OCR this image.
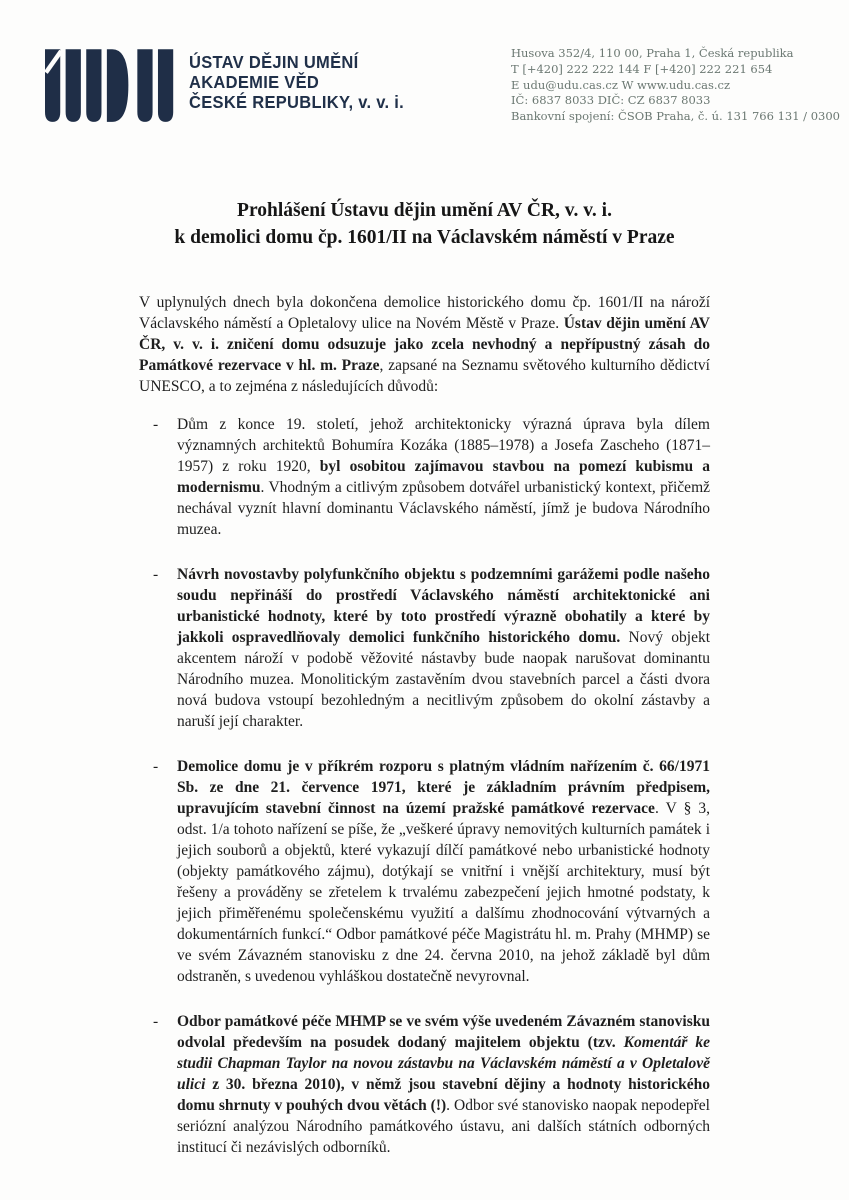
ÚSTAV DĚJIN UMĚNÍ
AKADEMIE VĚD
ČESKÉ REPUBLIKY, v. v. i.
Husova 352/4, 110 00, Praha 1, Česká republika
T [+420] 222 222 144 F [+420] 222 221 654
E udu@udu.cas.cz W www.udu.cas.cz
IČ: 6837 8033 DIČ: CZ 6837 8033
Bankovní spojení: ČSOB Praha, č. ú. 131 766 131 / 0300
Prohlášení Ústavu dějin umění AV ČR, v. v. i.
k demolici domu čp. 1601/II na Václavském náměstí v Praze

V uplynulých dnech byla dokončena demolice historického domu čp. 1601/II na nároží Václavského náměstí a Opletalovy ulice na Novém Městě v Praze. Ústav dějin umění AV ČR, v. v. i. zničení domu odsuzuje jako zcela nevhodný a nepřípustný zásah do Památkové rezervace v hl. m. Praze, zapsané na Seznamu světového kulturního dědictví UNESCO, a to zejména z následujících důvodů:

-	Dům z konce 19. století, jehož architektonicky výrazná úprava byla dílem významných architektů Bohumíra Kozáka (1885–1978) a Josefa Zascheho (1871–1957) z roku 1920, byl osobitou zajímavou stavbou na pomezí kubismu a modernismu. Vhodným a citlivým způsobem dotvářel urbanistický kontext, přičemž nechával vyznít hlavní dominantu Václavského náměstí, jímž je budova Národního muzea.

-	Návrh novostavby polyfunkčního objektu s podzemními garážemi podle našeho soudu nepřináší do prostředí Václavského náměstí architektonické ani urbanistické hodnoty, které by toto prostředí výrazně obohatily a které by jakkoli ospravedlňovaly demolici funkčního historického domu. Nový objekt akcentem nároží v podobě věžovité nástavby bude naopak narušovat dominantu Národního muzea. Monolitickým zastavěním dvou stavebních parcel a části dvora nová budova vstoupí bezohledným a necitlivým způsobem do okolní zástavby a naruší její charakter.

-	Demolice domu je v příkrém rozporu s platným vládním nařízením č. 66/1971 Sb. ze dne 21. července 1971, které je základním právním předpisem, upravujícím stavební činnost na území pražské památkové rezervace. V § 3, odst. 1/a tohoto nařízení se píše, že „veškeré úpravy nemovitých kulturních památek i jejich souborů a objektů, které vykazují dílčí památkové nebo urbanistické hodnoty (objekty památkového zájmu), dotýkají se vnitřní i vnější architektury, musí být řešeny a prováděny se zřetelem k trvalému zabezpečení jejich hmotné podstaty, k jejich přiměřenému společenskému využití a dalšímu zhodnocování výtvarných a dokumentárních funkcí.“ Odbor památkové péče Magistrátu hl. m. Prahy (MHMP) se ve svém Závazném stanovisku z dne 24. června 2010, na jehož základě byl dům odstraněn, s uvedenou vyhláškou dostatečně nevyrovnal.

-	Odbor památkové péče MHMP se ve svém výše uvedeném Závazném stanovisku odvolal především na posudek dodaný majitelem objektu (tzv. Komentář ke studii Chapman Taylor na novou zástavbu na Václavském náměstí a v Opletalově ulici z 30. března 2010), v němž jsou stavební dějiny a hodnoty historického domu shrnuty v pouhých dvou větách (!). Odbor své stanovisko naopak nepodepřel seriózní analýzou Národního památkového ústavu, ani dalších státních odborných institucí či nezávislých odborníků.
